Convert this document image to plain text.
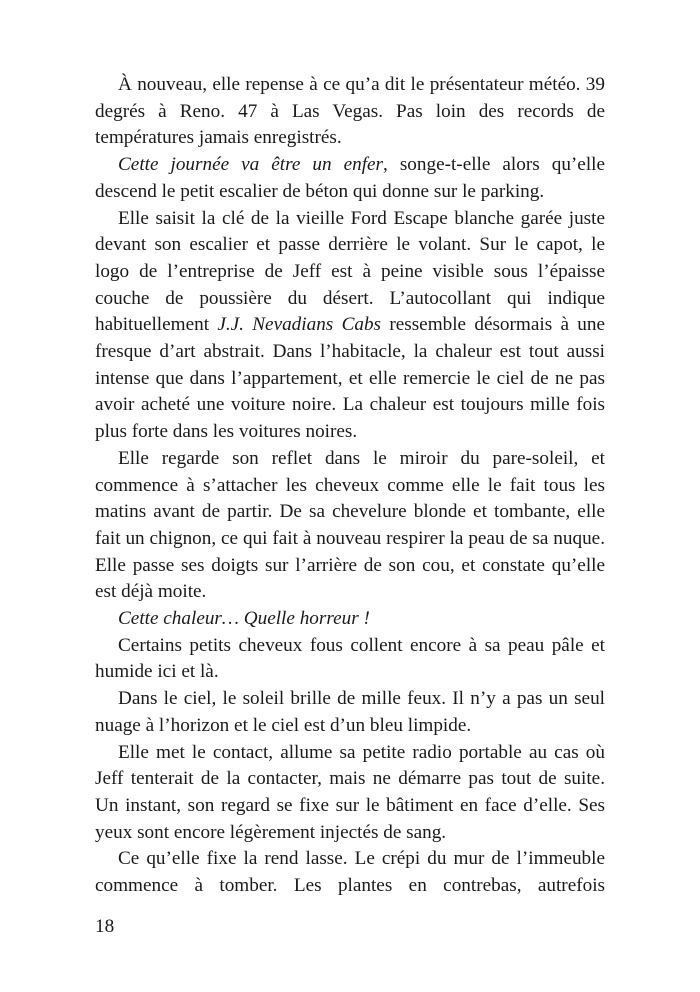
À nouveau, elle repense à ce qu’a dit le présentateur météo. 39 degrés à Reno. 47 à Las Vegas. Pas loin des records de températures jamais enregistrés.

Cette journée va être un enfer, songe-t-elle alors qu’elle descend le petit escalier de béton qui donne sur le parking.

Elle saisit la clé de la vieille Ford Escape blanche garée juste devant son escalier et passe derrière le volant. Sur le capot, le logo de l’entreprise de Jeff est à peine visible sous l’épaisse couche de poussière du désert. L’autocollant qui indique habituellement J.J. Nevadians Cabs ressemble désormais à une fresque d’art abstrait. Dans l’habitacle, la chaleur est tout aussi intense que dans l’appartement, et elle remercie le ciel de ne pas avoir acheté une voiture noire. La chaleur est toujours mille fois plus forte dans les voitures noires.

Elle regarde son reflet dans le miroir du pare-soleil, et commence à s’attacher les cheveux comme elle le fait tous les matins avant de partir. De sa chevelure blonde et tombante, elle fait un chignon, ce qui fait à nouveau respirer la peau de sa nuque. Elle passe ses doigts sur l’arrière de son cou, et constate qu’elle est déjà moite.

Cette chaleur… Quelle horreur !

Certains petits cheveux fous collent encore à sa peau pâle et humide ici et là.

Dans le ciel, le soleil brille de mille feux. Il n’y a pas un seul nuage à l’horizon et le ciel est d’un bleu limpide.

Elle met le contact, allume sa petite radio portable au cas où Jeff tenterait de la contacter, mais ne démarre pas tout de suite. Un instant, son regard se fixe sur le bâtiment en face d’elle. Ses yeux sont encore légèrement injectés de sang.

Ce qu’elle fixe la rend lasse. Le crépi du mur de l’immeuble commence à tomber. Les plantes en contrebas, autrefois

18
